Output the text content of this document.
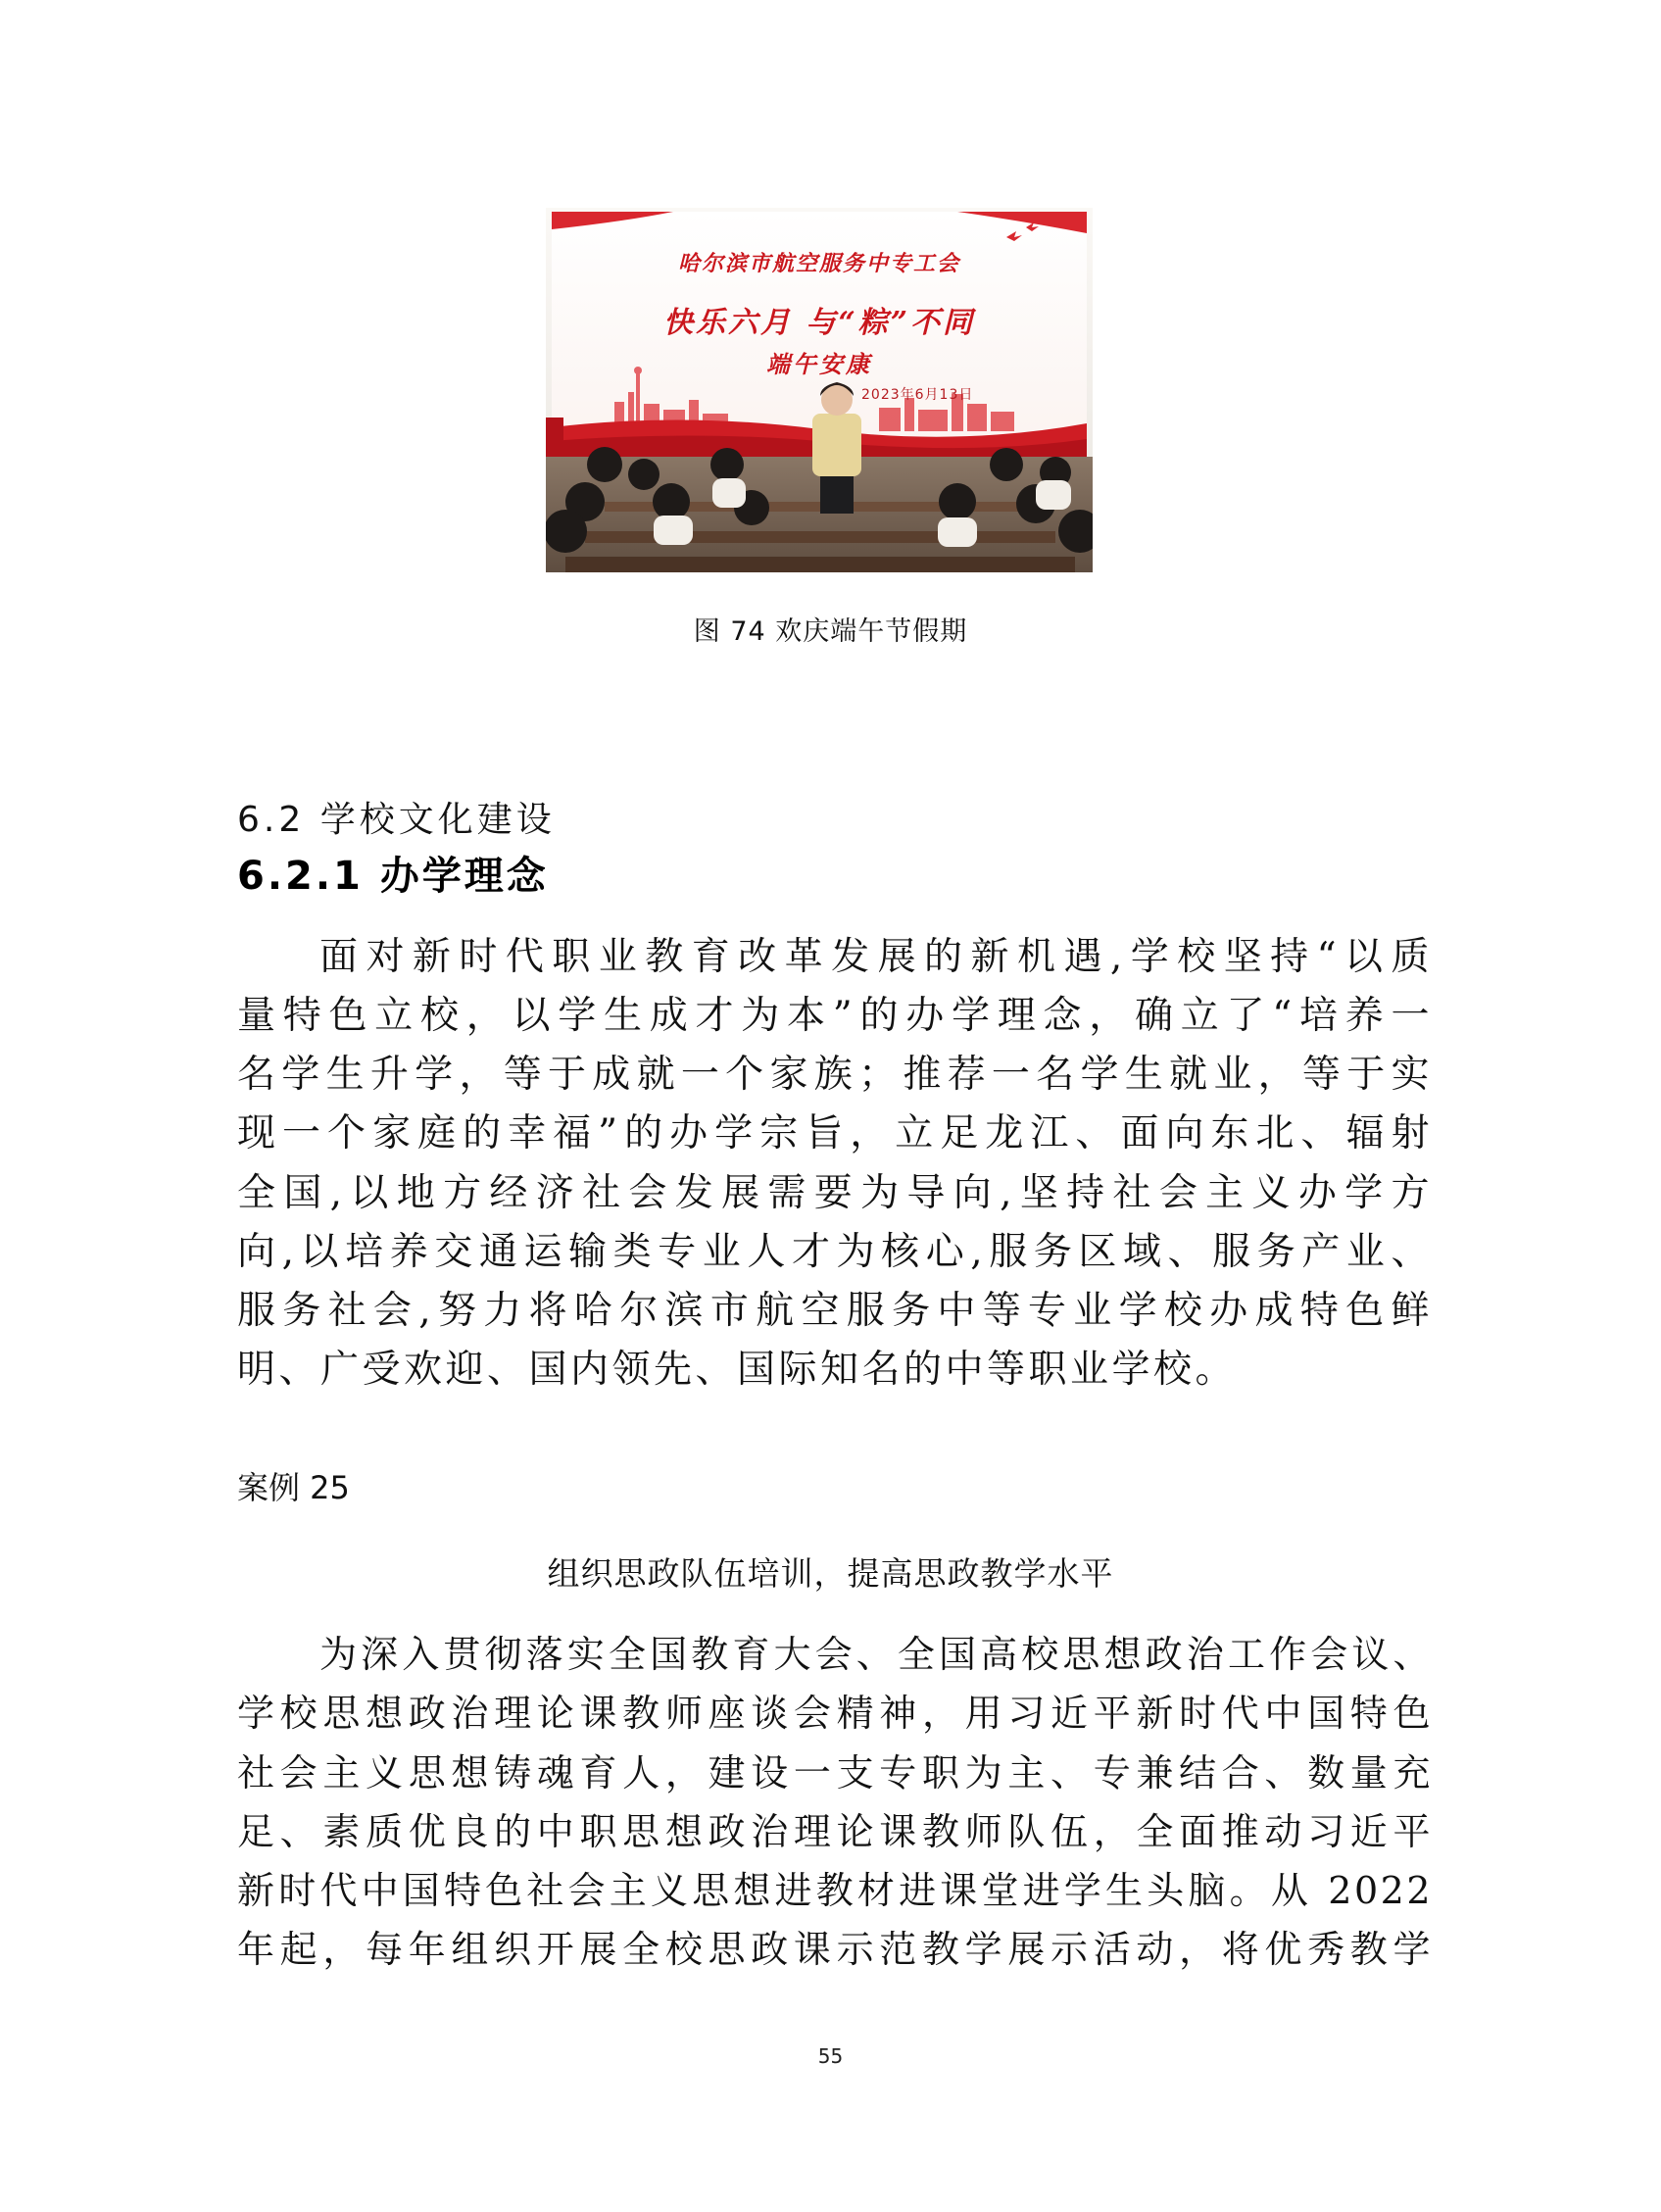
哈尔滨市航空服务中专工会
快乐六月 与“粽”不同
端午安康
2023年6月13日
图 74 欢庆端午节假期
6.2 学校文化建设
6.2.1 办学理念
面对新时代职业教育改革发展的新机遇,学校坚持“以质
量特色立校，以学生成才为本”的办学理念，确立了“培养一
名学生升学，等于成就一个家族；推荐一名学生就业，等于实
现一个家庭的幸福”的办学宗旨，立足龙江、面向东北、辐射
全国,以地方经济社会发展需要为导向,坚持社会主义办学方
向,以培养交通运输类专业人才为核心,服务区域、服务产业、
服务社会,努力将哈尔滨市航空服务中等专业学校办成特色鲜
明、广受欢迎、国内领先、国际知名的中等职业学校。
案例 25
组织思政队伍培训，提高思政教学水平
为深入贯彻落实全国教育大会、全国高校思想政治工作会议、
学校思想政治理论课教师座谈会精神，用习近平新时代中国特色
社会主义思想铸魂育人，建设一支专职为主、专兼结合、数量充
足、素质优良的中职思想政治理论课教师队伍，全面推动习近平
新时代中国特色社会主义思想进教材进课堂进学生头脑。从 2022
年起，每年组织开展全校思政课示范教学展示活动，将优秀教学
55
